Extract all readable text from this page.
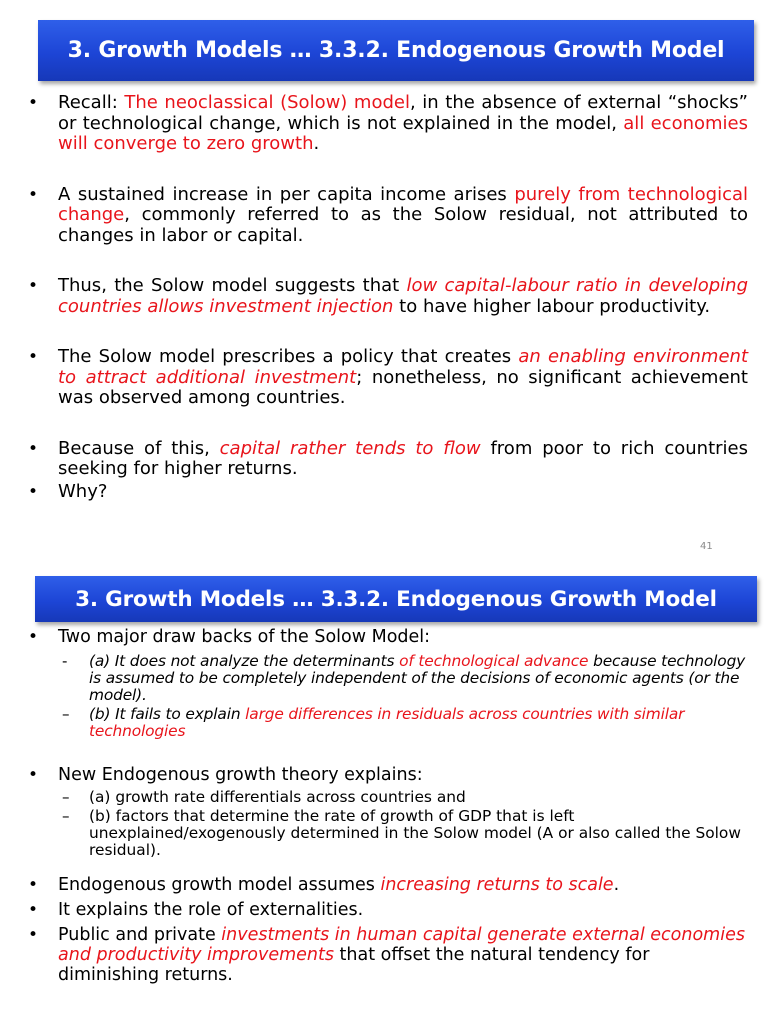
3. Growth Models … 3.3.2. Endogenous Growth Model
•	Recall: The neoclassical (Solow) model, in the absence of external “shocks” or technological change, which is not explained in the model, all economies will converge to zero growth.
•	A sustained increase in per capita income arises purely from technological change, commonly referred to as the Solow residual, not attributed to changes in labor or capital.
•	Thus, the Solow model suggests that low capital-labour ratio in developing countries allows investment injection to have higher labour productivity.
•	The Solow model prescribes a policy that creates an enabling environment to attract additional investment; nonetheless, no significant achievement was observed among countries.
•	Because of this, capital rather tends to flow from poor to rich countries seeking for higher returns.
•	Why?
41
3. Growth Models … 3.3.2. Endogenous Growth Model
•	Two major draw backs of the Solow Model:
-	(a) It does not analyze the determinants of technological advance because technology is assumed to be completely independent of the decisions of economic agents (or the model).
–	(b) It fails to explain large differences in residuals across countries with similar technologies
•	New Endogenous growth theory explains:
–	(a) growth rate differentials across countries and
–	(b) factors that determine the rate of growth of GDP that is left unexplained/exogenously determined in the Solow model (A or also called the Solow residual).
•	Endogenous growth model assumes increasing returns to scale.
•	It explains the role of externalities.
•	Public and private investments in human capital generate external economies and productivity improvements that offset the natural tendency for diminishing returns.
